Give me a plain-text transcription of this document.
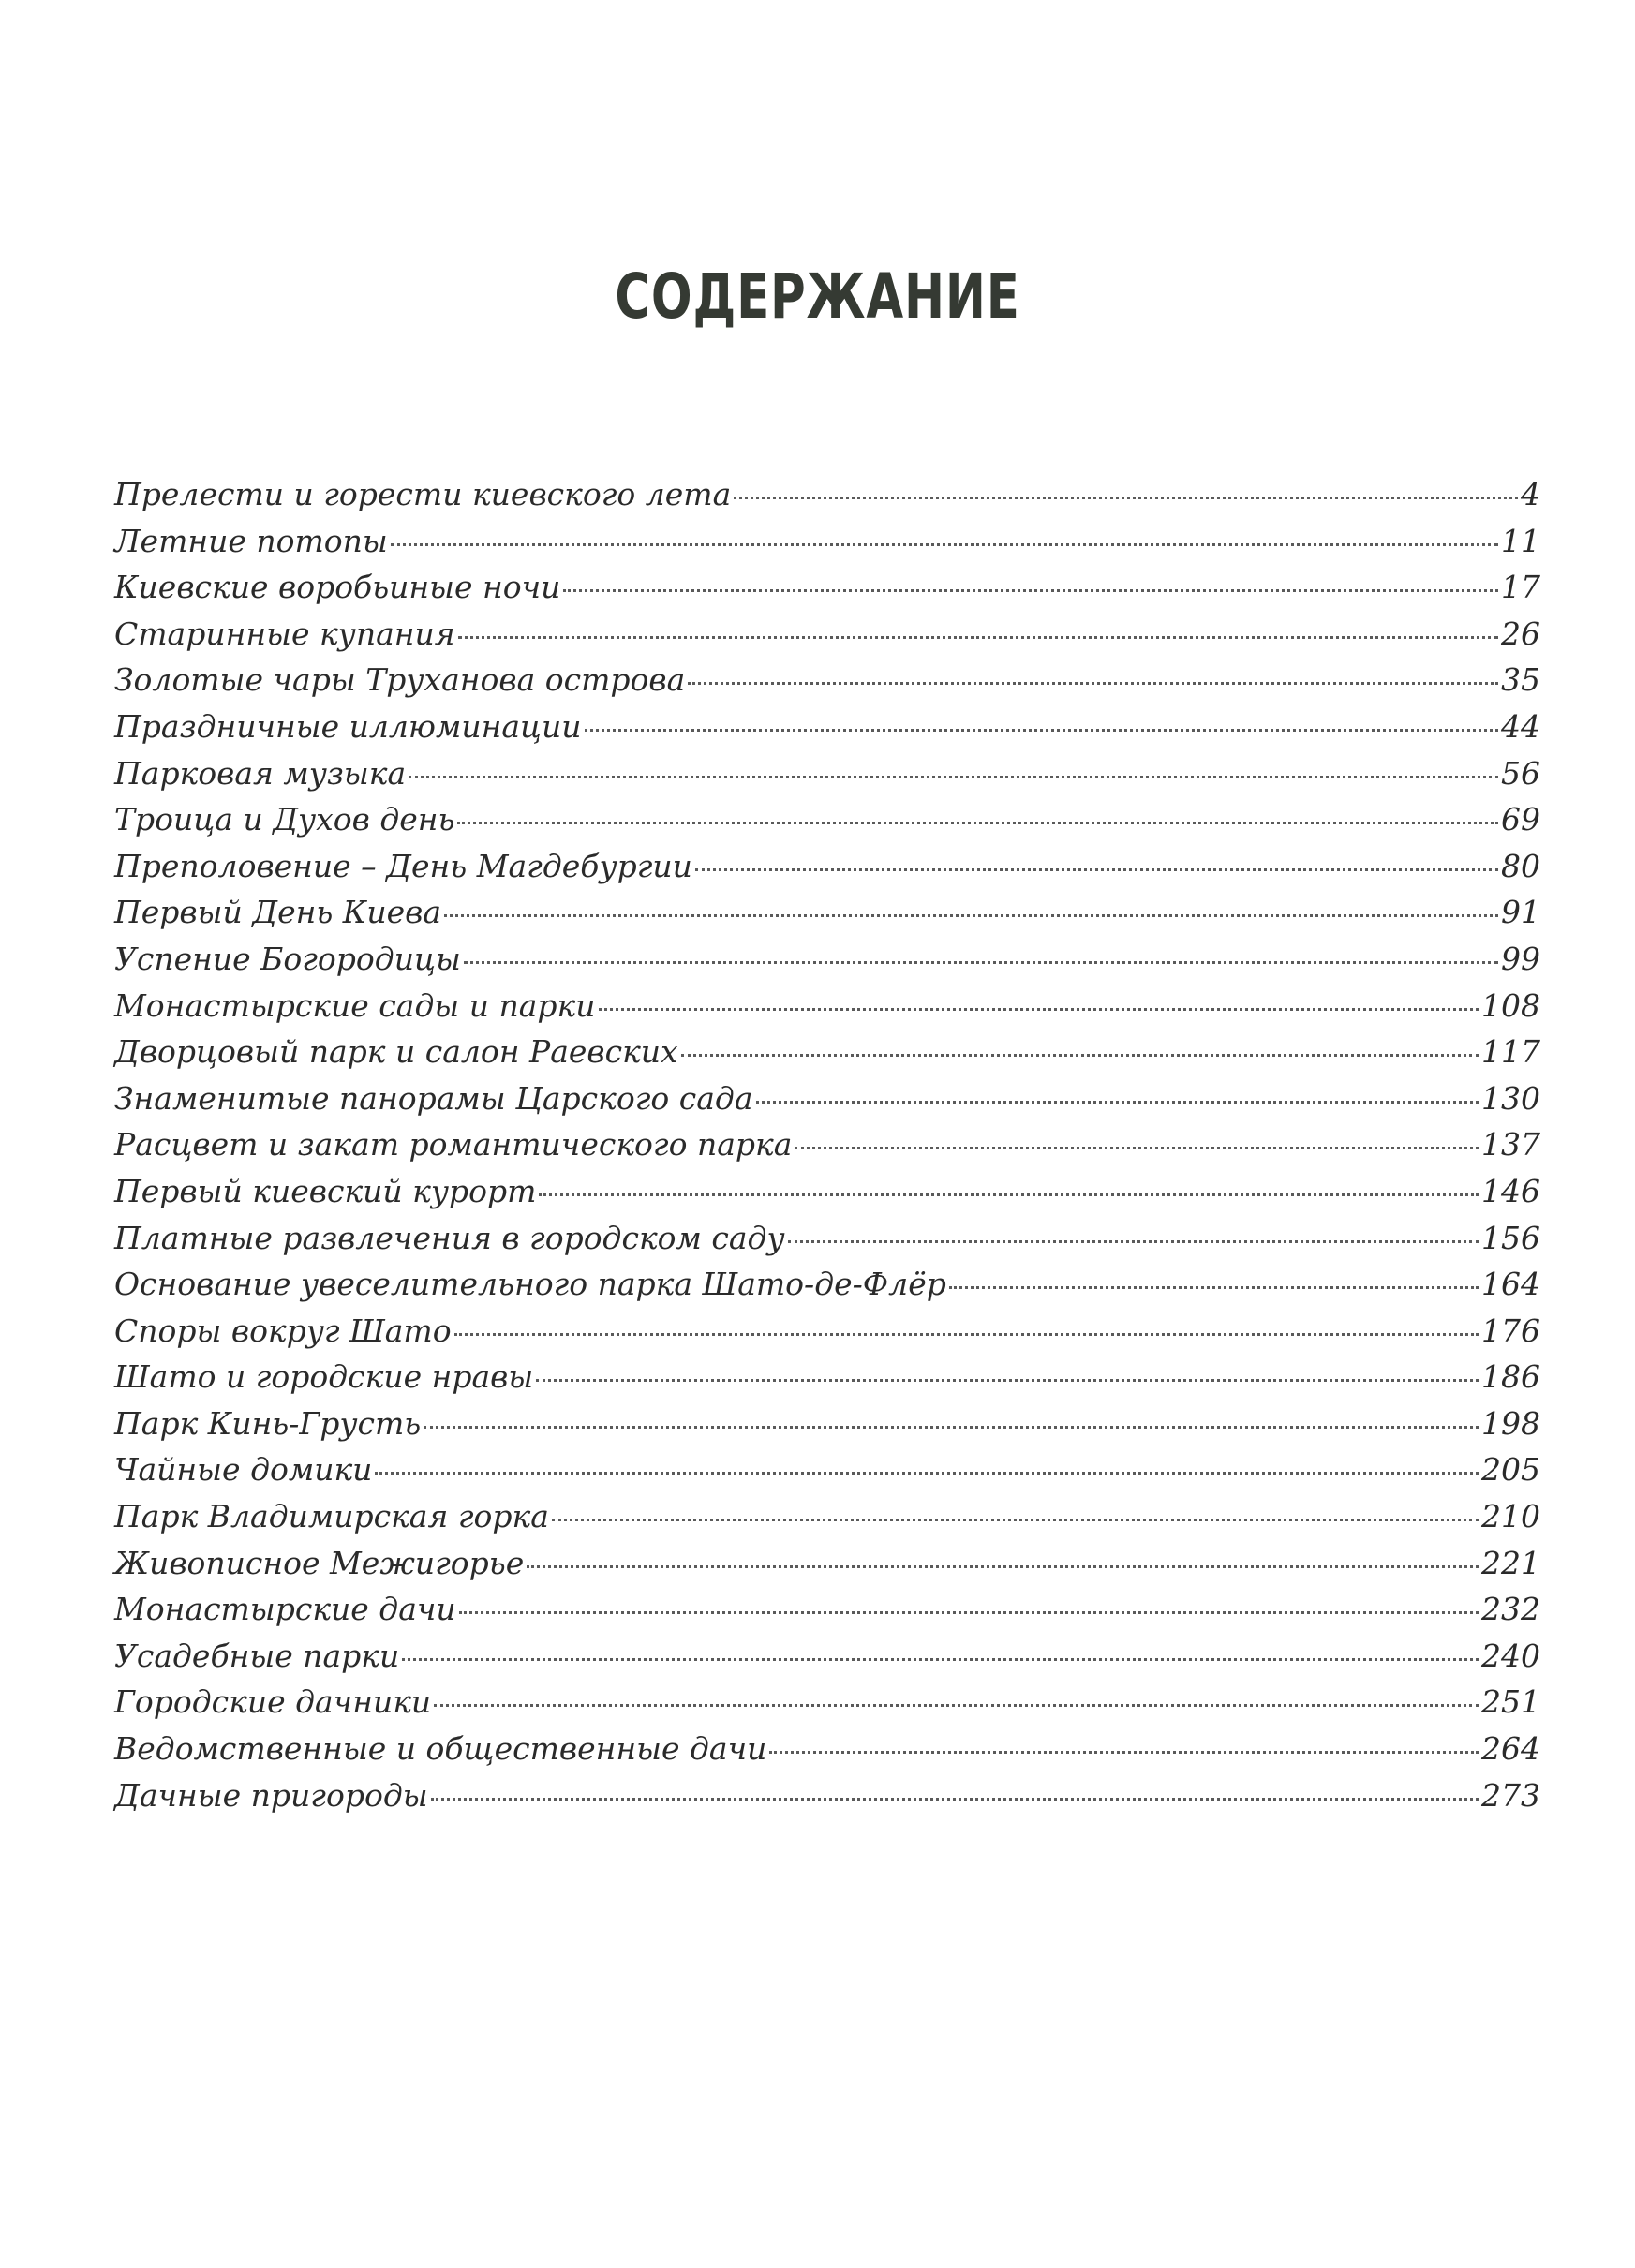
СОДЕРЖАНИЕ
Прелести и горести киевского лета	4
Летние потопы	11
Киевские воробьиные ночи	17
Старинные купания	26
Золотые чары Труханова острова	35
Праздничные иллюминации	44
Парковая музыка	56
Троица и Духов день	69
Преполовение – День Магдебургии	80
Первый День Киева	91
Успение Богородицы	99
Монастырские сады и парки	108
Дворцовый парк и салон Раевских	117
Знаменитые панорамы Царского сада	130
Расцвет и закат романтического парка	137
Первый киевский курорт	146
Платные развлечения в городском саду	156
Основание увеселительного парка Шато-де-Флёр	164
Споры вокруг Шато	176
Шато и городские нравы	186
Парк Кинь-Грусть	198
Чайные домики	205
Парк Владимирская горка	210
Живописное Межигорье	221
Монастырские дачи	232
Усадебные парки	240
Городские дачники	251
Ведомственные и общественные дачи	264
Дачные пригороды	273
